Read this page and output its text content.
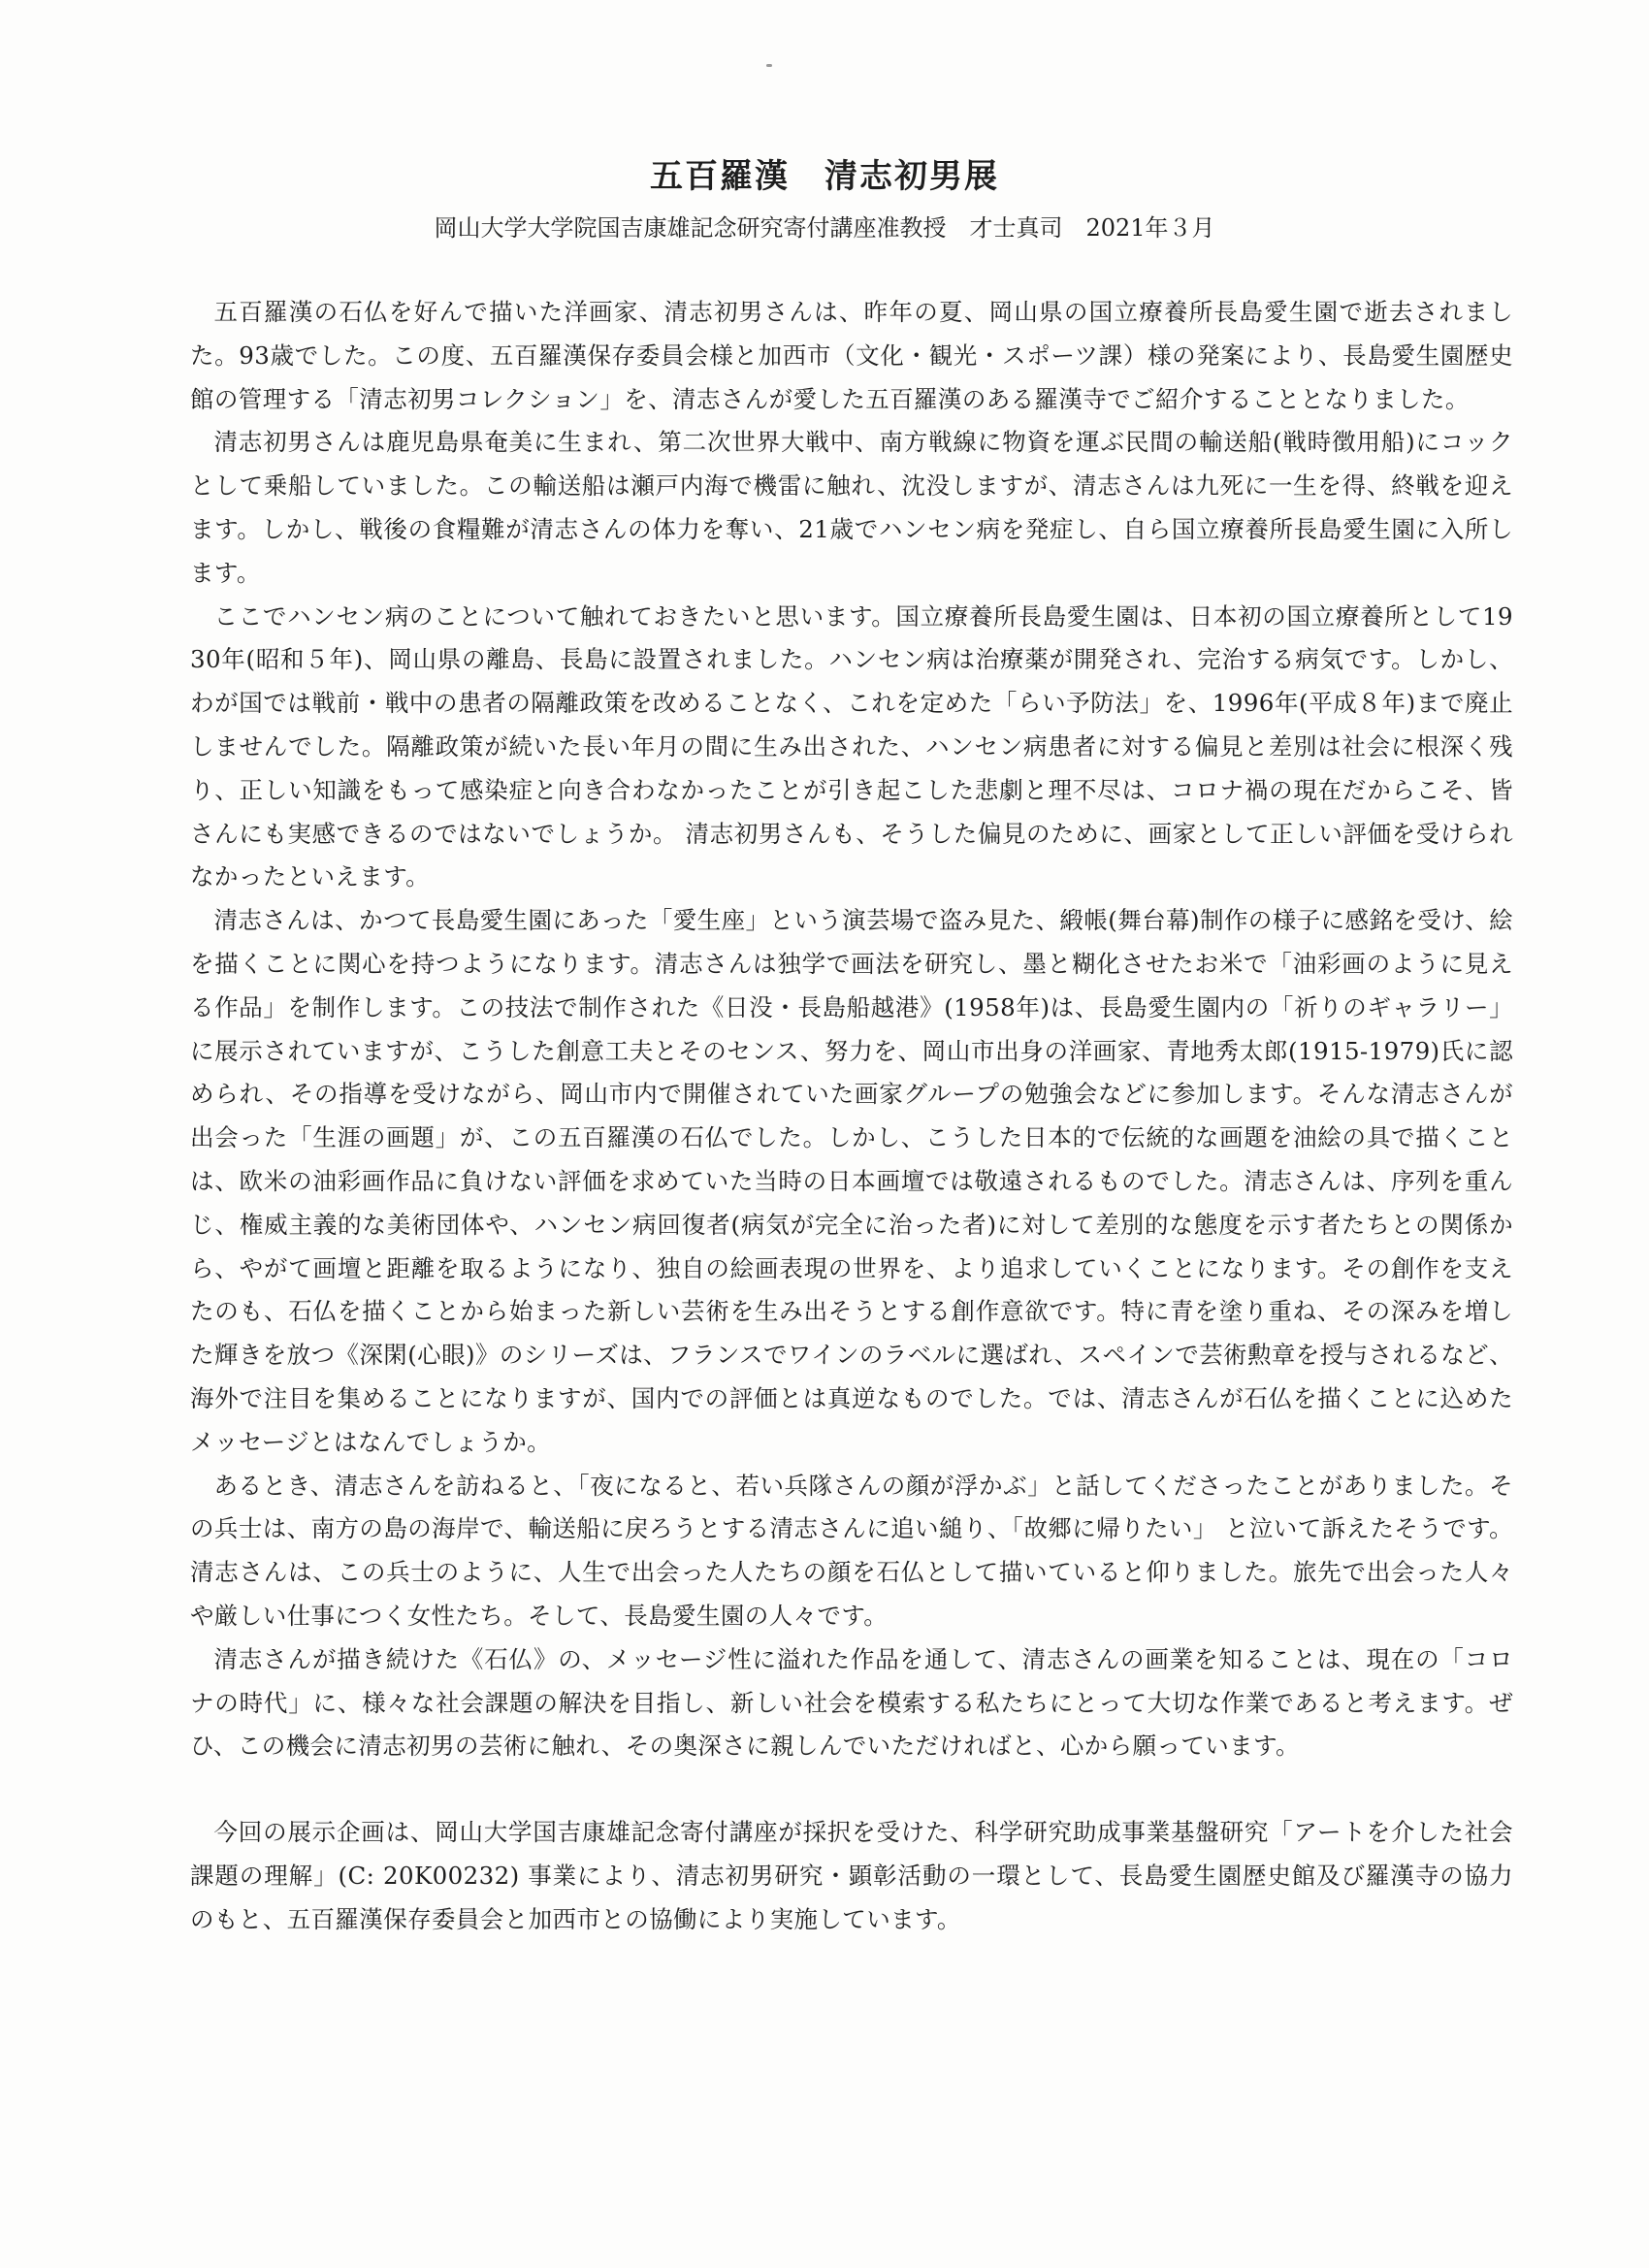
五百羅漢　清志初男展

岡山大学大学院国吉康雄記念研究寄付講座准教授　才士真司　2021年３月

五百羅漢の石仏を好んで描いた洋画家、清志初男さんは、昨年の夏、岡山県の国立療養所長島愛生園で逝去されました。93歳でした。この度、五百羅漢保存委員会様と加西市（文化・観光・スポーツ課）様の発案により、長島愛生園歴史館の管理する「清志初男コレクション」を、清志さんが愛した五百羅漢のある羅漢寺でご紹介することとなりました。

清志初男さんは鹿児島県奄美に生まれ、第二次世界大戦中、南方戦線に物資を運ぶ民間の輸送船(戦時徴用船)にコックとして乗船していました。この輸送船は瀬戸内海で機雷に触れ、沈没しますが、清志さんは九死に一生を得、終戦を迎えます。しかし、戦後の食糧難が清志さんの体力を奪い、21歳でハンセン病を発症し、自ら国立療養所長島愛生園に入所します。

ここでハンセン病のことについて触れておきたいと思います。国立療養所長島愛生園は、日本初の国立療養所として1930年(昭和５年)、岡山県の離島、長島に設置されました。ハンセン病は治療薬が開発され、完治する病気です。しかし、わが国では戦前・戦中の患者の隔離政策を改めることなく、これを定めた「らい予防法」を、1996年(平成８年)まで廃止しませんでした。隔離政策が続いた長い年月の間に生み出された、ハンセン病患者に対する偏見と差別は社会に根深く残り、正しい知識をもって感染症と向き合わなかったことが引き起こした悲劇と理不尽は、コロナ禍の現在だからこそ、皆さんにも実感できるのではないでしょうか。 清志初男さんも、そうした偏見のために、画家として正しい評価を受けられなかったといえます。

清志さんは、かつて長島愛生園にあった「愛生座」という演芸場で盗み見た、緞帳(舞台幕)制作の様子に感銘を受け、絵を描くことに関心を持つようになります。清志さんは独学で画法を研究し、墨と糊化させたお米で「油彩画のように見える作品」を制作します。この技法で制作された《日没・長島船越港》(1958年)は、長島愛生園内の「祈りのギャラリー」に展示されていますが、こうした創意工夫とそのセンス、努力を、岡山市出身の洋画家、青地秀太郎(1915-1979)氏に認められ、その指導を受けながら、岡山市内で開催されていた画家グループの勉強会などに参加します。そんな清志さんが出会った「生涯の画題」が、この五百羅漢の石仏でした。しかし、こうした日本的で伝統的な画題を油絵の具で描くことは、欧米の油彩画作品に負けない評価を求めていた当時の日本画壇では敬遠されるものでした。清志さんは、序列を重んじ、権威主義的な美術団体や、ハンセン病回復者(病気が完全に治った者)に対して差別的な態度を示す者たちとの関係から、やがて画壇と距離を取るようになり、独自の絵画表現の世界を、より追求していくことになります。その創作を支えたのも、石仏を描くことから始まった新しい芸術を生み出そうとする創作意欲です。特に青を塗り重ね、その深みを増した輝きを放つ《深閑(心眼)》のシリーズは、フランスでワインのラベルに選ばれ、スペインで芸術勲章を授与されるなど、海外で注目を集めることになりますが、国内での評価とは真逆なものでした。では、清志さんが石仏を描くことに込めたメッセージとはなんでしょうか。

あるとき、清志さんを訪ねると、「夜になると、若い兵隊さんの顔が浮かぶ」と話してくださったことがありました。その兵士は、南方の島の海岸で、輸送船に戻ろうとする清志さんに追い縋り、「故郷に帰りたい」 と泣いて訴えたそうです。清志さんは、この兵士のように、人生で出会った人たちの顔を石仏として描いていると仰りました。旅先で出会った人々や厳しい仕事につく女性たち。そして、長島愛生園の人々です。

清志さんが描き続けた《石仏》の、メッセージ性に溢れた作品を通して、清志さんの画業を知ることは、現在の「コロナの時代」に、様々な社会課題の解決を目指し、新しい社会を模索する私たちにとって大切な作業であると考えます。ぜひ、この機会に清志初男の芸術に触れ、その奥深さに親しんでいただければと、心から願っています。

今回の展示企画は、岡山大学国吉康雄記念寄付講座が採択を受けた、科学研究助成事業基盤研究「アートを介した社会課題の理解」(C: 20K00232) 事業により、清志初男研究・顕彰活動の一環として、長島愛生園歴史館及び羅漢寺の協力のもと、五百羅漢保存委員会と加西市との協働により実施しています。
